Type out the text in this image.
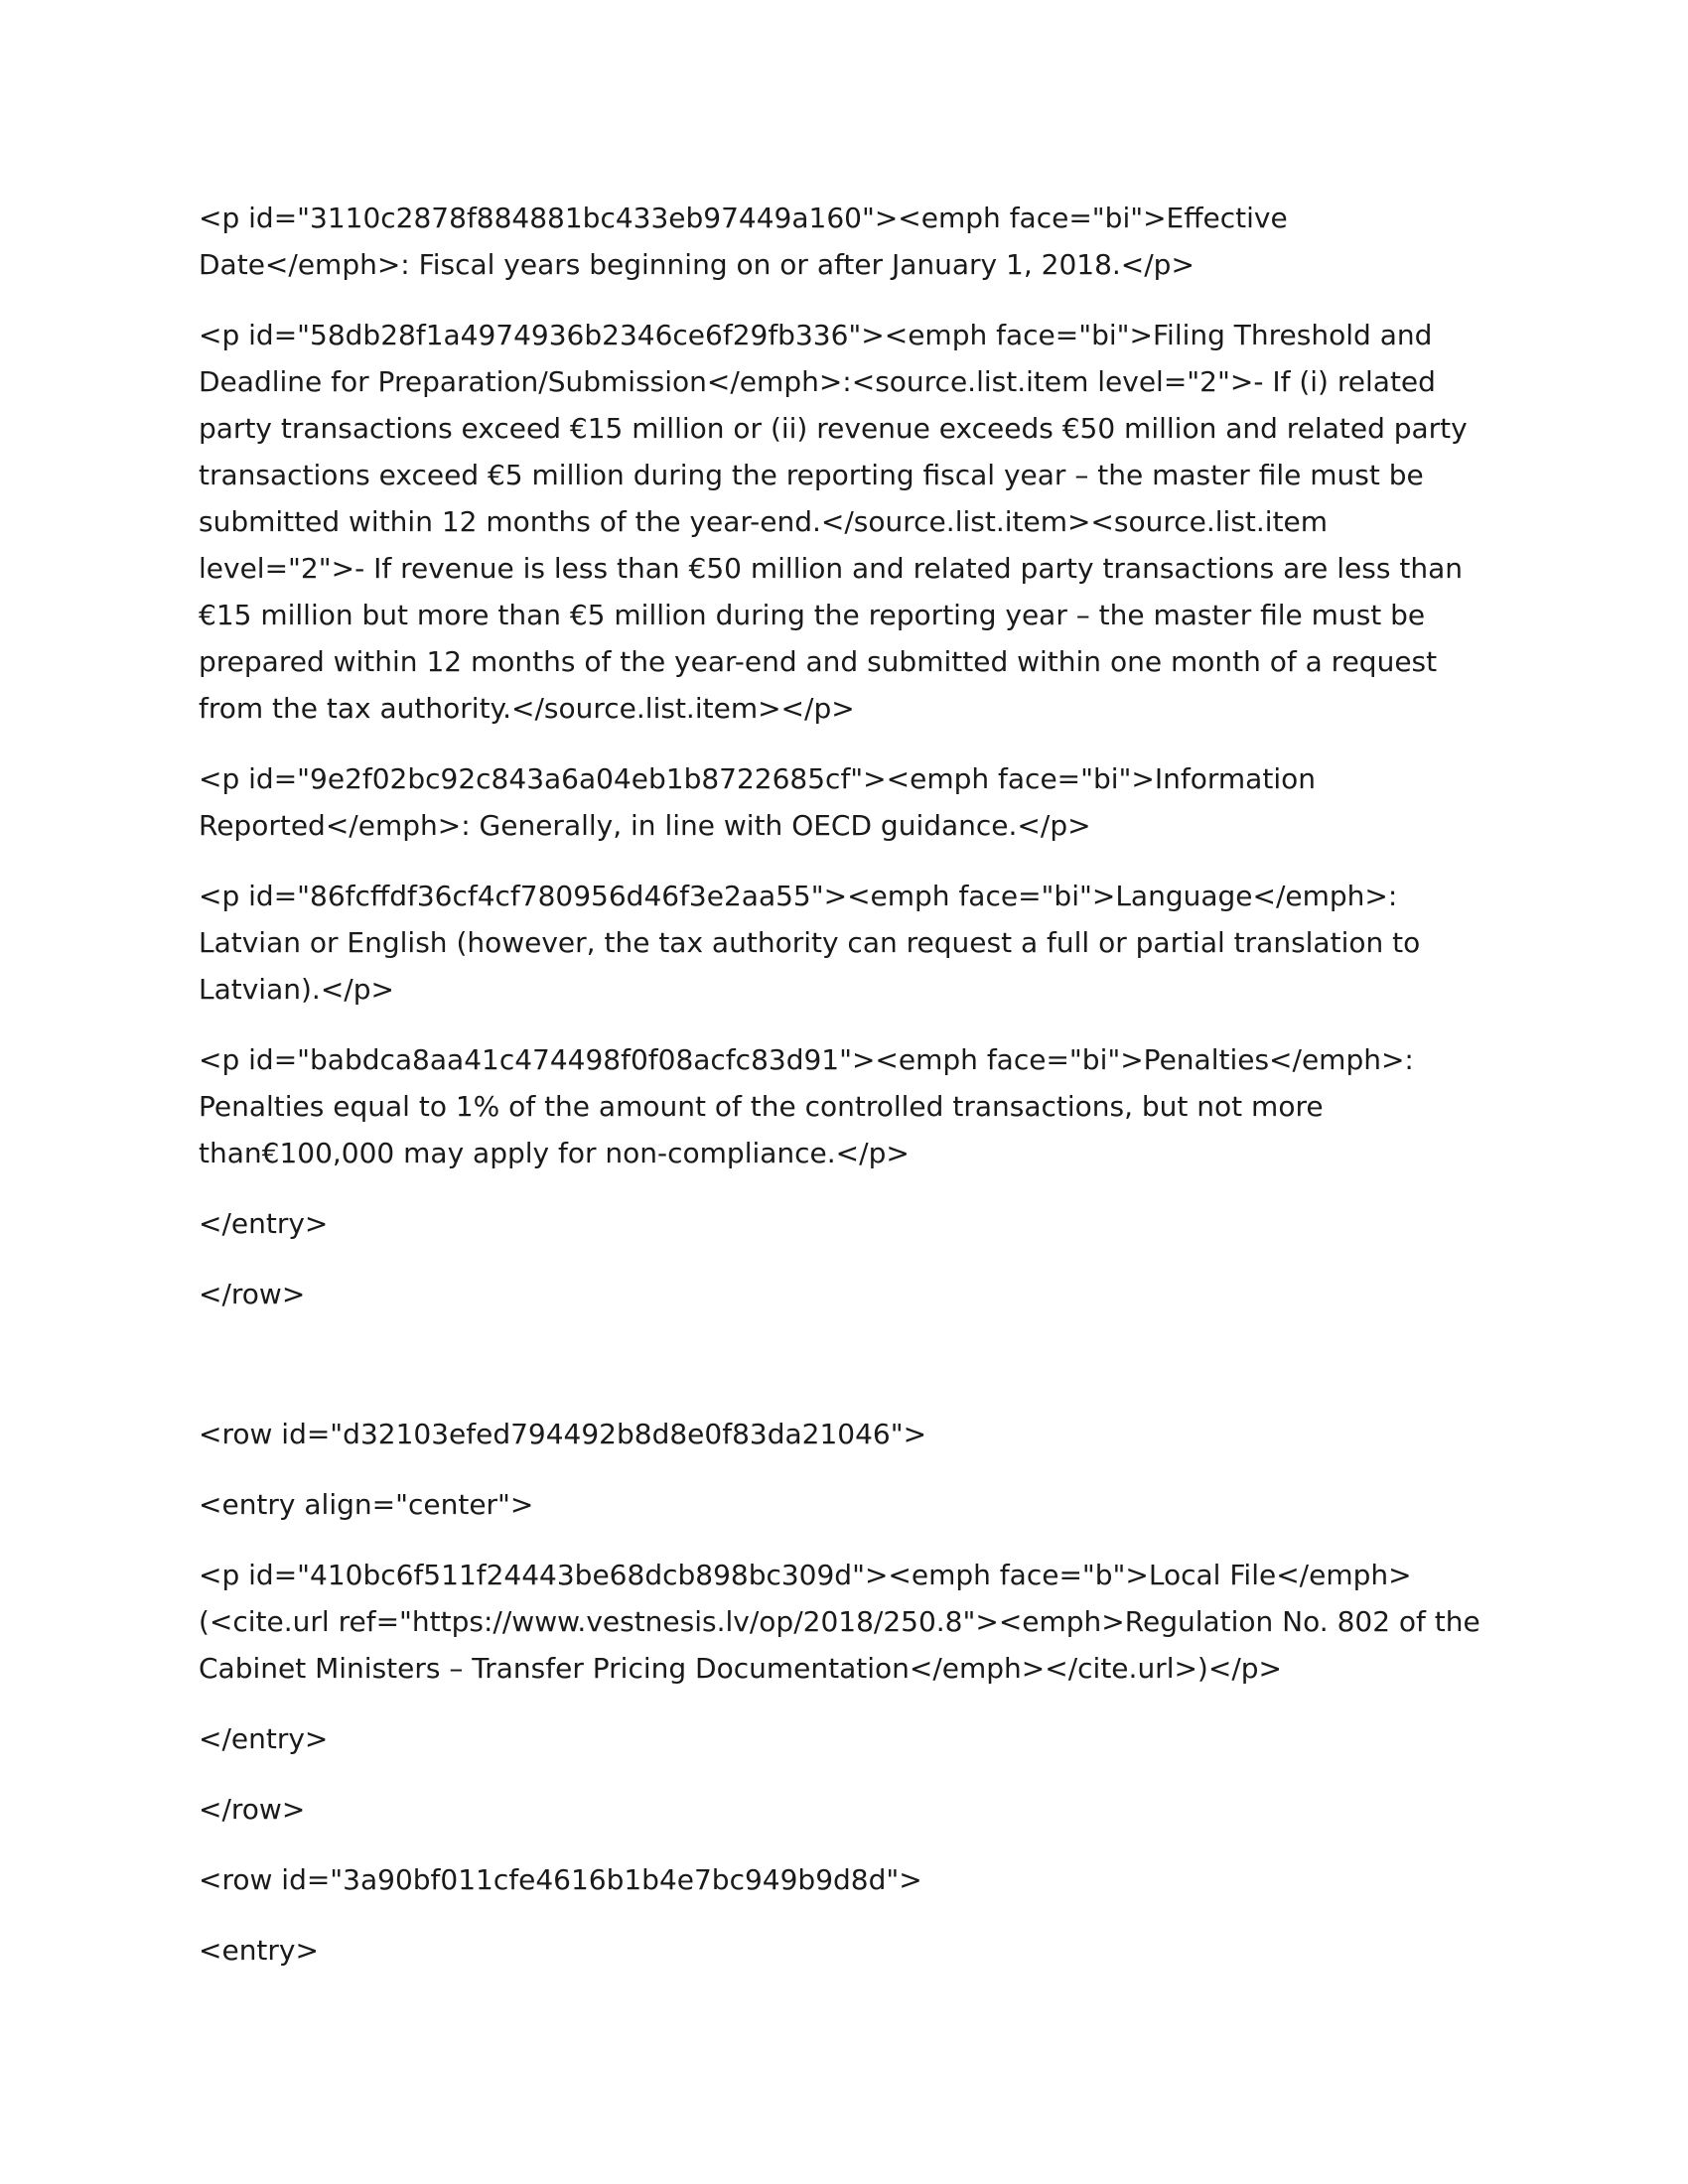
<p id="3110c2878f884881bc433eb97449a160"><emph face="bi">Effective Date</emph>: Fiscal years beginning on or after January 1, 2018.</p>

<p id="58db28f1a4974936b2346ce6f29fb336"><emph face="bi">Filing Threshold and Deadline for Preparation/Submission</emph>:<source.list.item level="2">- If (i) related party transactions exceed €15 million or (ii) revenue exceeds €50 million and related party transactions exceed €5 million during the reporting fiscal year – the master file must be submitted within 12 months of the year-end.</source.list.item><source.list.item level="2">- If revenue is less than €50 million and related party transactions are less than €15 million but more than €5 million during the reporting year – the master file must be prepared within 12 months of the year-end and submitted within one month of a request from the tax authority.</source.list.item></p>

<p id="9e2f02bc92c843a6a04eb1b8722685cf"><emph face="bi">Information Reported</emph>: Generally, in line with OECD guidance.</p>

<p id="86fcffdf36cf4cf780956d46f3e2aa55"><emph face="bi">Language</emph>: Latvian or English (however, the tax authority can request a full or partial translation to Latvian).</p>

<p id="babdca8aa41c474498f0f08acfc83d91"><emph face="bi">Penalties</emph>: Penalties equal to 1% of the amount of the controlled transactions, but not more than€100,000 may apply for non-compliance.</p>

</entry>

</row>

<row id="d32103efed794492b8d8e0f83da21046">

<entry align="center">

<p id="410bc6f511f24443be68dcb898bc309d"><emph face="b">Local File</emph> (<cite.url ref="https://www.vestnesis.lv/op/2018/250.8"><emph>Regulation No. 802 of the Cabinet Ministers – Transfer Pricing Documentation</emph></cite.url>)</p>

</entry>

</row>

<row id="3a90bf011cfe4616b1b4e7bc949b9d8d">

<entry>
